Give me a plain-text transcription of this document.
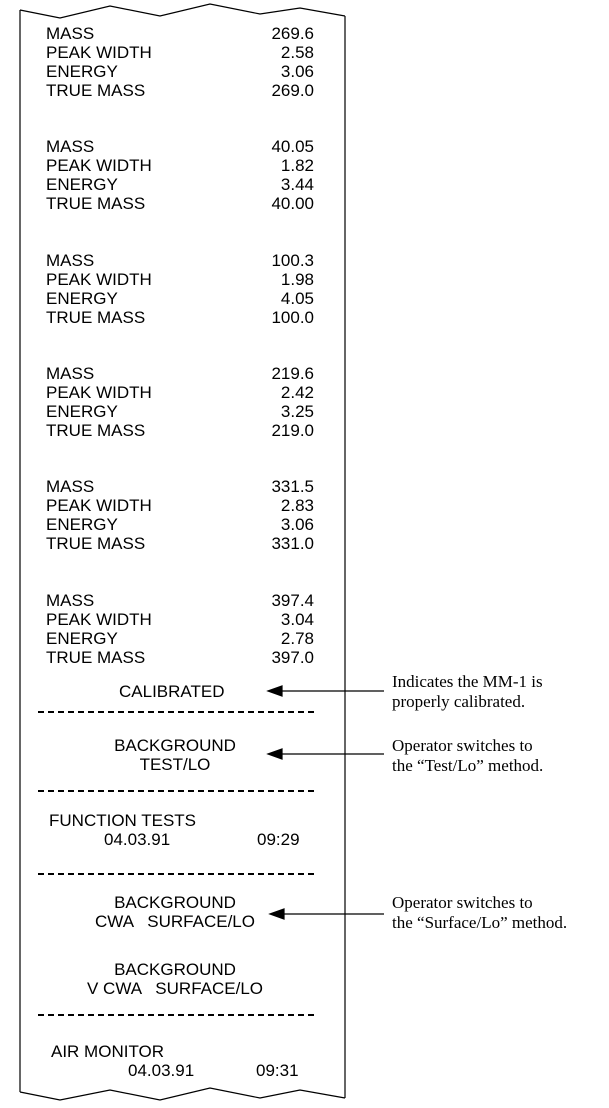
MASS	269.6
PEAK WIDTH	2.58
ENERGY	3.06
TRUE MASS	269.0
MASS	40.05
PEAK WIDTH	1.82
ENERGY	3.44
TRUE MASS	40.00
MASS	100.3
PEAK WIDTH	1.98
ENERGY	4.05
TRUE MASS	100.0
MASS	219.6
PEAK WIDTH	2.42
ENERGY	3.25
TRUE MASS	219.0
MASS	331.5
PEAK WIDTH	2.83
ENERGY	3.06
TRUE MASS	331.0
MASS	397.4
PEAK WIDTH	3.04
ENERGY	2.78
TRUE MASS	397.0
CALIBRATED
BACKGROUND
TEST/LO
FUNCTION TESTS
04.03.91	09:29
BACKGROUND
CWA   SURFACE/LO
BACKGROUND
V CWA   SURFACE/LO
AIR MONITOR
04.03.91	09:31
Indicates the MM-1 is
properly calibrated.
Operator switches to
the “Test/Lo” method.
Operator switches to
the “Surface/Lo” method.
